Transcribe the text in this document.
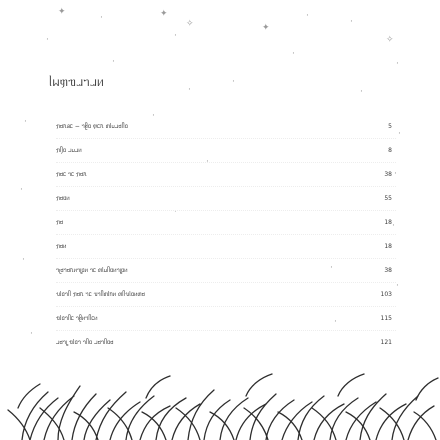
✦
·	✦
·
✧
·
·
✦
·
·
✧
·
·
·
·
·
·
·
·
·
·
·
·
·
·
·
·
·
·
ᥣᥕᥞᥓᥘᥐᥘᥢ
ᥟᥛᥰᥑᥴ − ᥐᥪᥝ ᥞᥴᥰ ᥖᥣᥙᥘᥛᥥᥝ	5
ᥟᥦᥝ ᥘᥙᥘᥢ	8
ᥟᥛᥴ ᥐᥴ ᥟᥛᥰ	38
ᥟᥛᥝᥢ	55
ᥟᥛ	18
ᥟᥛᥢ	18
ᥐᥨᥛᥐᥛᥰᥢᥐᥧᥝᥢ ᥐᥴ ᥖᥣᥙᥥᥝᥢᥐᥧᥝᥢ	38
ᥔᥣᥝᥐᥥ ᥟᥛᥰ ᥐᥴ ᥔᥐᥥᥖᥣᥒᥢ ᥖᥥᥔᥣᥝᥢᥖᥛ	103
ᥓᥣᥝᥐᥥᥴ ᥐᥪᥢᥐᥥᥴᥢ	115
ᥘᥛᥐᥧ ᥓᥣᥝᥐ ᥐᥥᥝ ᥘᥛᥐᥥᥝᥛ	121
